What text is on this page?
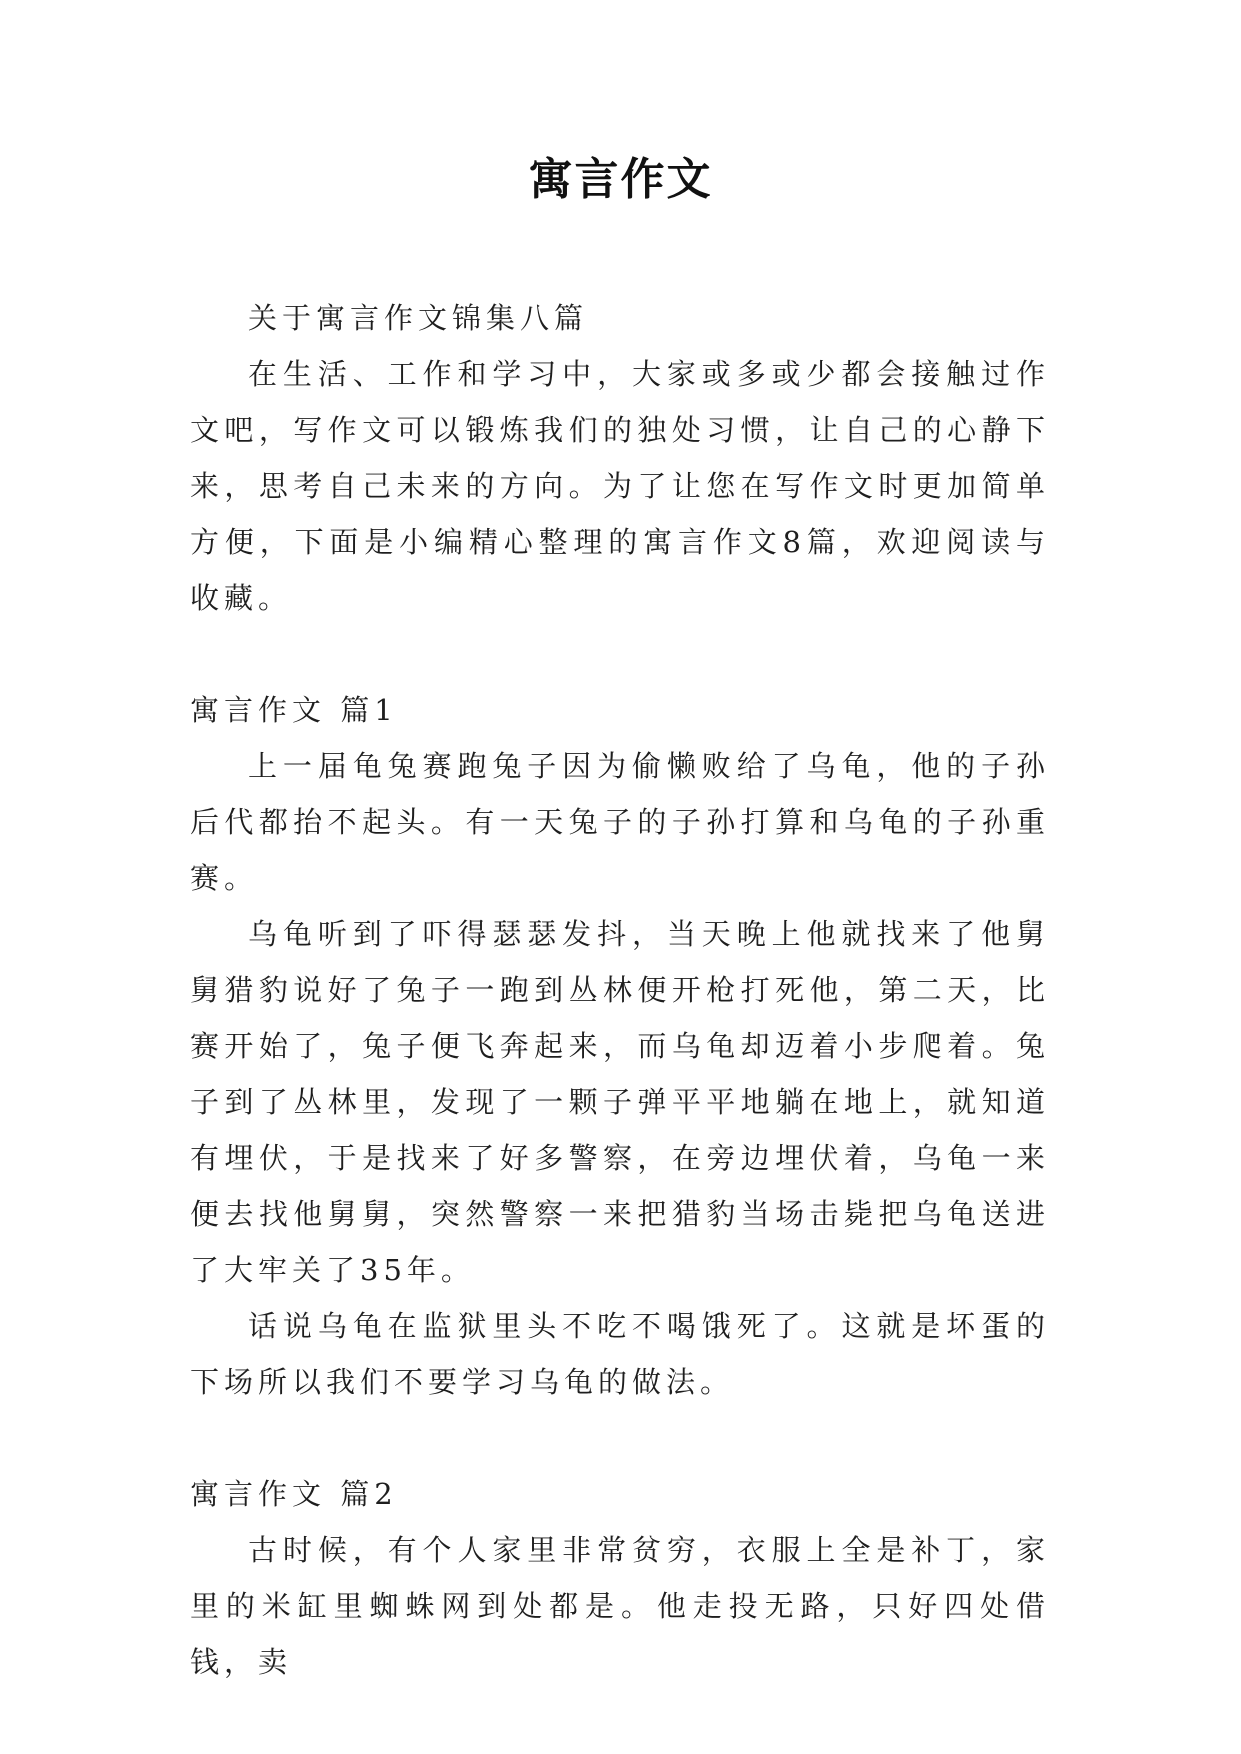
寓言作文

关于寓言作文锦集八篇

在生活、工作和学习中，大家或多或少都会接触过作文吧，写作文可以锻炼我们的独处习惯，让自己的心静下来，思考自己未来的方向。为了让您在写作文时更加简单方便，下面是小编精心整理的寓言作文8篇，欢迎阅读与收藏。

寓言作文 篇1

上一届龟兔赛跑兔子因为偷懒败给了乌龟，他的子孙后代都抬不起头。有一天兔子的子孙打算和乌龟的子孙重赛。

乌龟听到了吓得瑟瑟发抖，当天晚上他就找来了他舅舅猎豹说好了兔子一跑到丛林便开枪打死他，第二天，比赛开始了，兔子便飞奔起来，而乌龟却迈着小步爬着。兔子到了丛林里，发现了一颗子弹平平地躺在地上，就知道有埋伏，于是找来了好多警察，在旁边埋伏着，乌龟一来便去找他舅舅，突然警察一来把猎豹当场击毙把乌龟送进了大牢关了35年。

话说乌龟在监狱里头不吃不喝饿死了。这就是坏蛋的下场所以我们不要学习乌龟的做法。

寓言作文 篇2

古时候，有个人家里非常贫穷，衣服上全是补丁，家里的米缸里蜘蛛网到处都是。他走投无路，只好四处借钱，卖
